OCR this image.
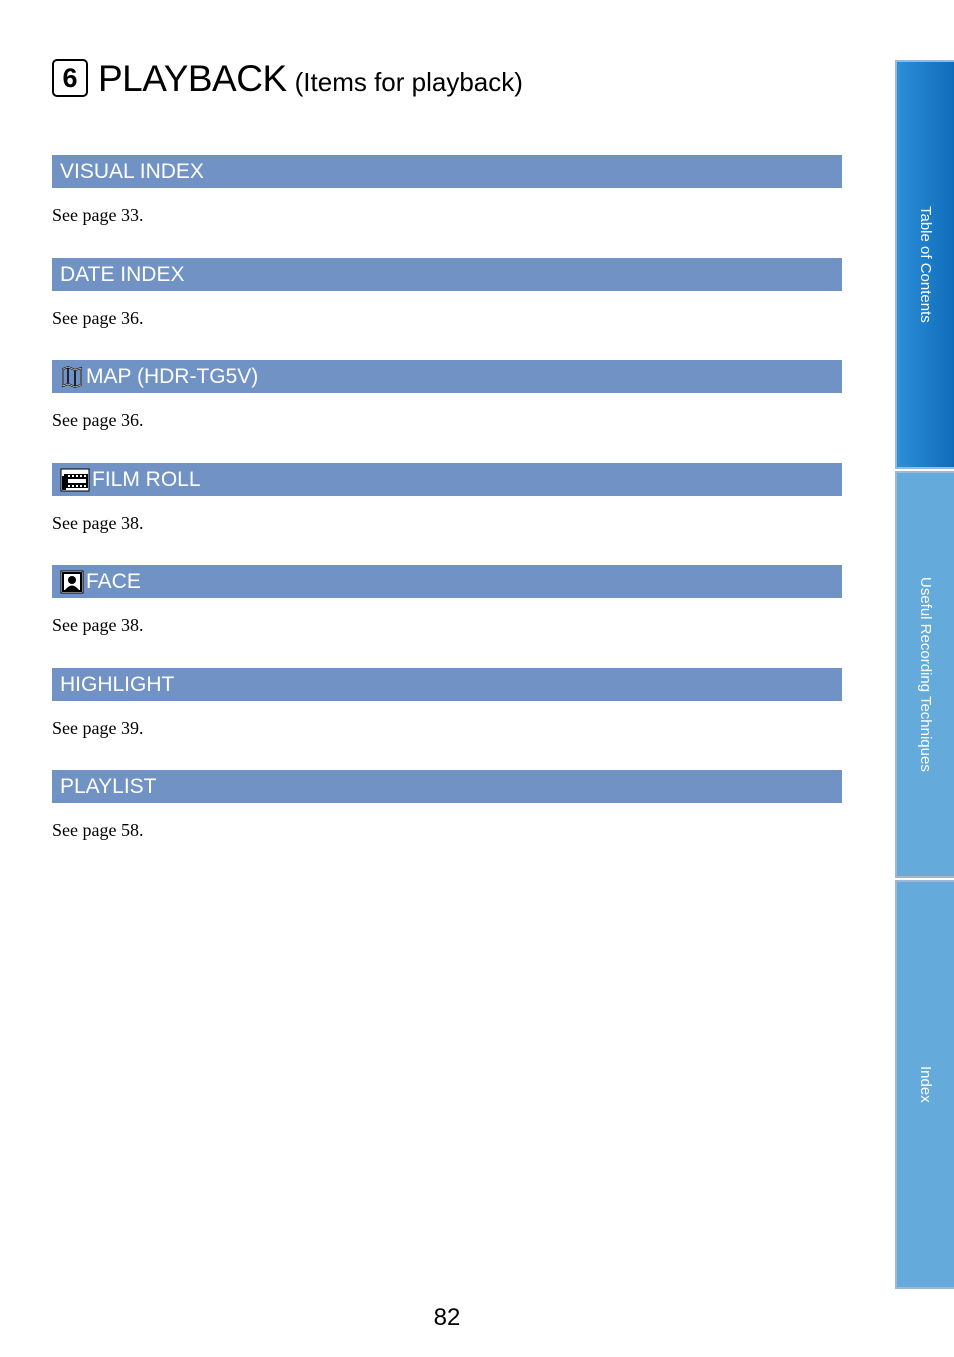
6 PLAYBACK (Items for playback)
VISUAL INDEX
See page 33.
DATE INDEX
See page 36.
MAP (HDR-TG5V)
See page 36.
FILM ROLL
See page 38.
FACE
See page 38.
HIGHLIGHT
See page 39.
PLAYLIST
See page 58.
Table of Contents
Useful Recording Techniques
Index
82
